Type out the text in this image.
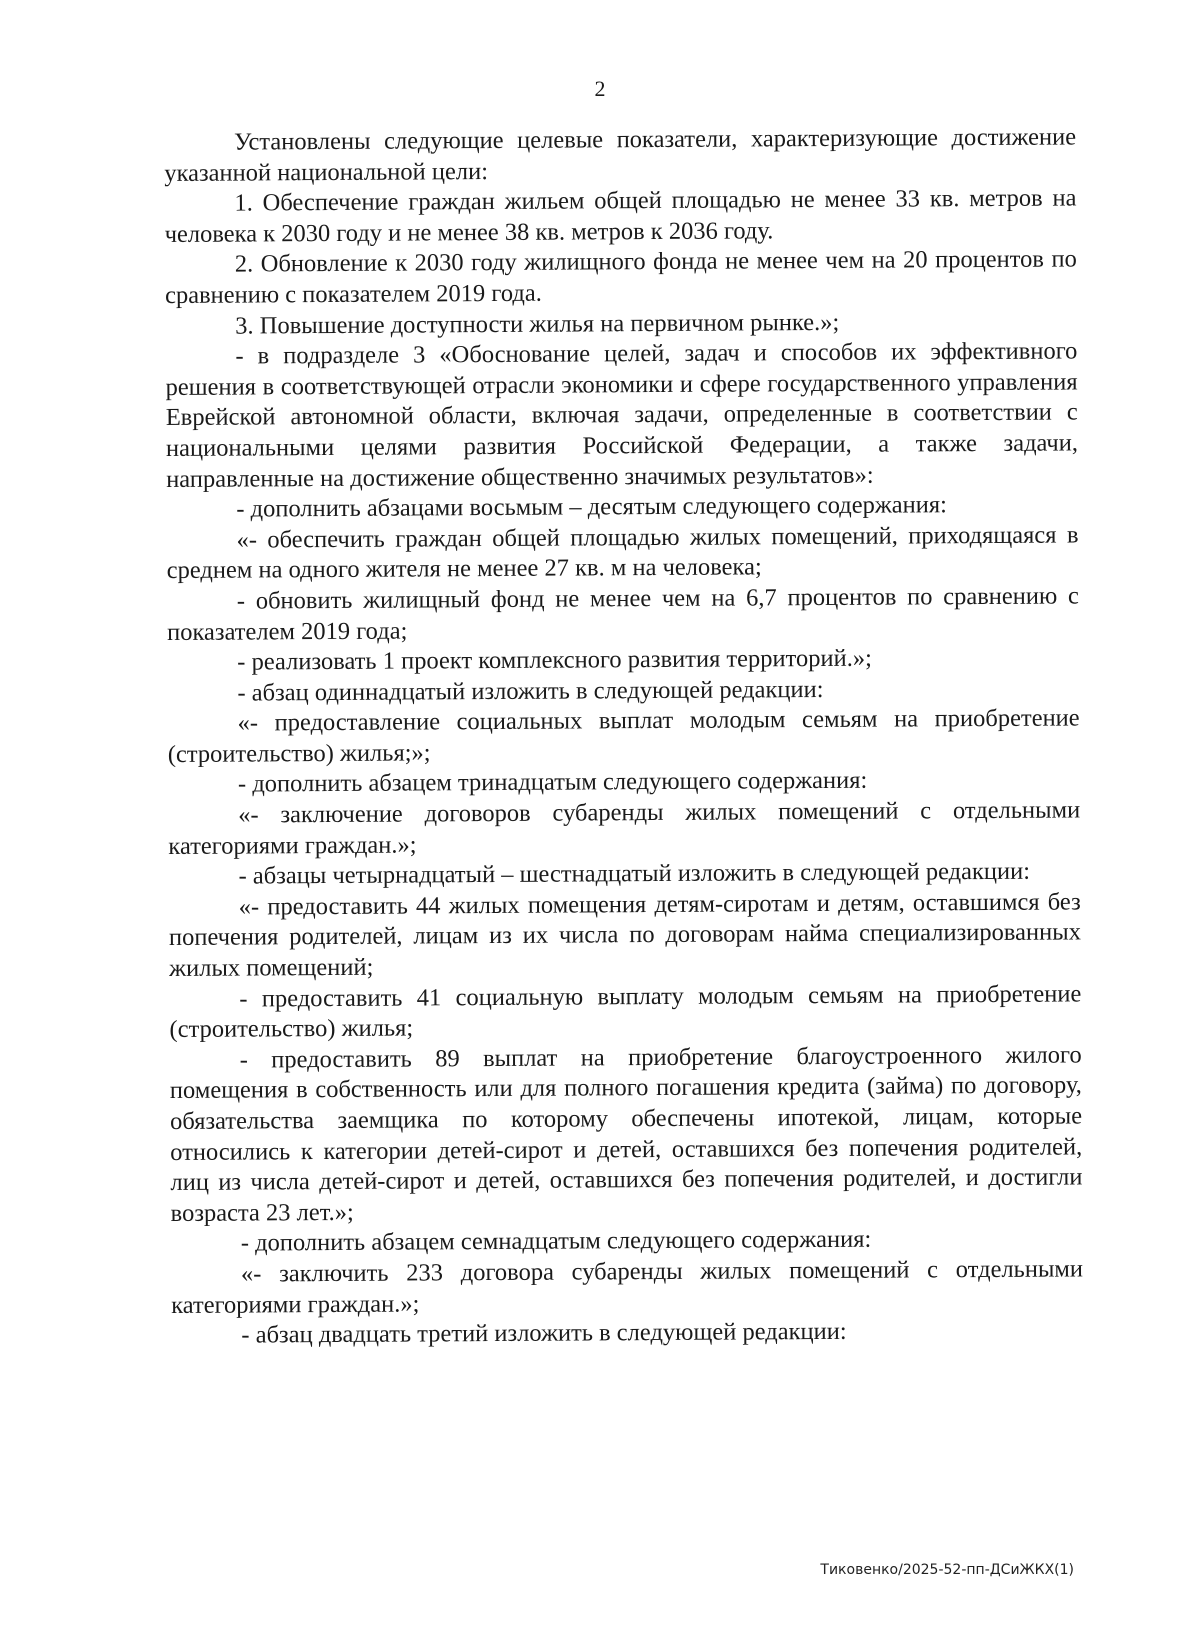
2

Установлены следующие целевые показатели, характеризующие достижение указанной национальной цели:

1. Обеспечение граждан жильем общей площадью не менее 33 кв. метров на человека к 2030 году и не менее 38 кв. метров к 2036 году.

2. Обновление к 2030 году жилищного фонда не менее чем на 20 процентов по сравнению с показателем 2019 года.

3. Повышение доступности жилья на первичном рынке.»;

- в подразделе 3 «Обоснование целей, задач и способов их эффективного решения в соответствующей отрасли экономики и сфере государственного управления Еврейской автономной области, включая задачи, определенные в соответствии с национальными целями развития Российской Федерации, а также задачи, направленные на достижение общественно значимых результатов»:

- дополнить абзацами восьмым – десятым следующего содержания:

«- обеспечить граждан общей площадью жилых помещений, приходящаяся в среднем на одного жителя не менее 27 кв. м на человека;

- обновить жилищный фонд не менее чем на 6,7 процентов по сравнению с показателем 2019 года;

- реализовать 1 проект комплексного развития территорий.»;

- абзац одиннадцатый изложить в следующей редакции:

«- предоставление социальных выплат молодым семьям на приобретение (строительство) жилья;»;

- дополнить абзацем тринадцатым следующего содержания:

«- заключение договоров субаренды жилых помещений с отдельными категориями граждан.»;

- абзацы четырнадцатый – шестнадцатый изложить в следующей редакции:

«- предоставить 44 жилых помещения детям-сиротам и детям, оставшимся без попечения родителей, лицам из их числа по договорам найма специализированных жилых помещений;

- предоставить 41 социальную выплату молодым семьям на приобретение (строительство) жилья;

- предоставить 89 выплат на приобретение благоустроенного жилого помещения в собственность или для полного погашения кредита (займа) по договору, обязательства заемщика по которому обеспечены ипотекой, лицам, которые относились к категории детей-сирот и детей, оставшихся без попечения родителей, лиц из числа детей-сирот и детей, оставшихся без попечения родителей, и достигли возраста 23 лет.»;

- дополнить абзацем семнадцатым следующего содержания:

«- заключить 233 договора субаренды жилых помещений с отдельными категориями граждан.»;

- абзац двадцать третий изложить в следующей редакции:

Тиковенко/2025-52-пп-ДСиЖКХ(1)
